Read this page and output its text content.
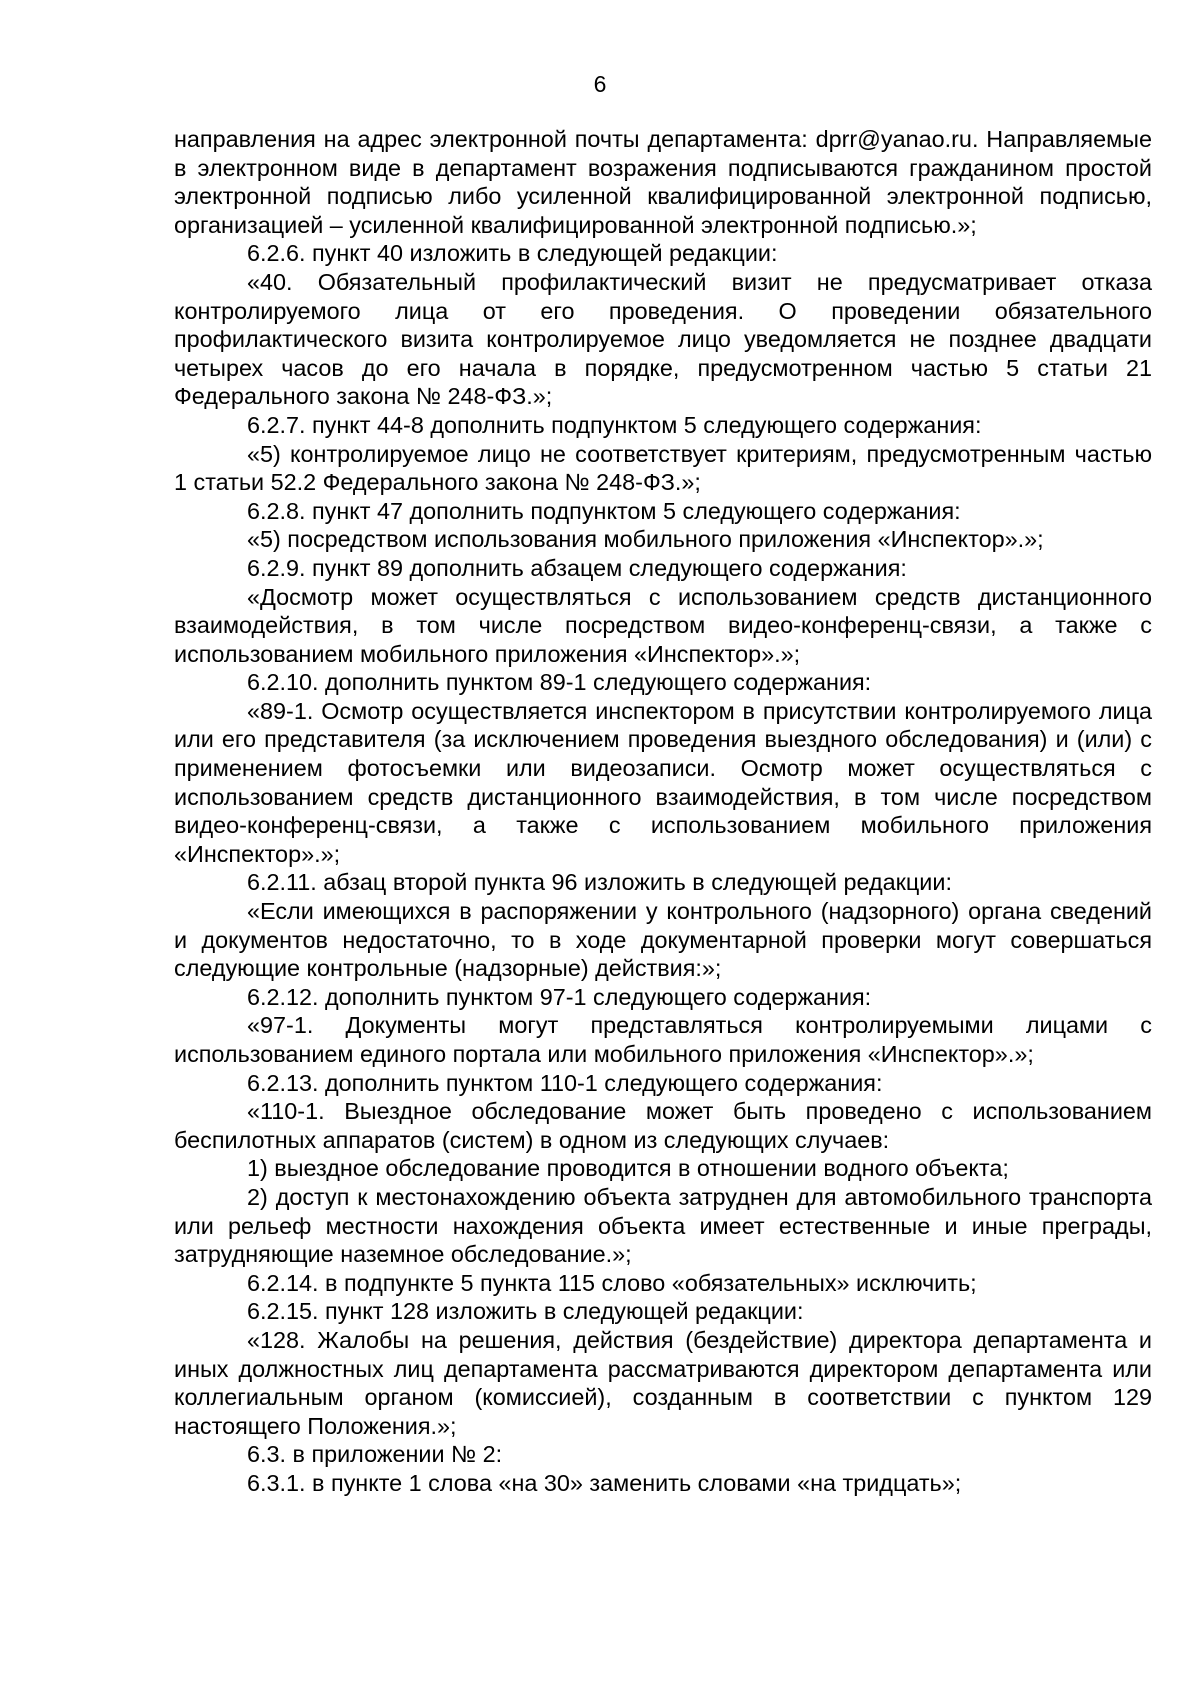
6

направления на адрес электронной почты департамента: dprr@yanao.ru. Направляемые в электронном виде в департамент возражения подписываются гражданином простой электронной подписью либо усиленной квалифицированной электронной подписью, организацией – усиленной квалифицированной электронной подписью.»;

6.2.6. пункт 40 изложить в следующей редакции:

«40. Обязательный профилактический визит не предусматривает отказа контролируемого лица от его проведения. О проведении обязательного профилактического визита контролируемое лицо уведомляется не позднее двадцати четырех часов до его начала в порядке, предусмотренном частью 5 статьи 21 Федерального закона № 248-ФЗ.»;

6.2.7. пункт 44-8 дополнить подпунктом 5 следующего содержания:

«5) контролируемое лицо не соответствует критериям, предусмотренным частью 1 статьи 52.2 Федерального закона № 248-ФЗ.»;

6.2.8. пункт 47 дополнить подпунктом 5 следующего содержания:

«5) посредством использования мобильного приложения «Инспектор».»;

6.2.9. пункт 89 дополнить абзацем следующего содержания:

«Досмотр может осуществляться с использованием средств дистанционного взаимодействия, в том числе посредством видео-конференц-связи, а также с использованием мобильного приложения «Инспектор».»;

6.2.10. дополнить пунктом 89-1 следующего содержания:

«89-1. Осмотр осуществляется инспектором в присутствии контролируемого лица или его представителя (за исключением проведения выездного обследования) и (или) с применением фотосъемки или видеозаписи. Осмотр может осуществляться с использованием средств дистанционного взаимодействия, в том числе посредством видео-конференц-связи, а также с использованием мобильного приложения «Инспектор».»;

6.2.11. абзац второй пункта 96 изложить в следующей редакции:

«Если имеющихся в распоряжении у контрольного (надзорного) органа сведений и документов недостаточно, то в ходе документарной проверки могут совершаться следующие контрольные (надзорные) действия:»;

6.2.12. дополнить пунктом 97-1 следующего содержания:

«97-1. Документы могут представляться контролируемыми лицами с использованием единого портала или мобильного приложения «Инспектор».»;

6.2.13. дополнить пунктом 110-1 следующего содержания:

«110-1. Выездное обследование может быть проведено с использованием беспилотных аппаратов (систем) в одном из следующих случаев:

1) выездное обследование проводится в отношении водного объекта;

2) доступ к местонахождению объекта затруднен для автомобильного транспорта или рельеф местности нахождения объекта имеет естественные и иные преграды, затрудняющие наземное обследование.»;

6.2.14. в подпункте 5 пункта 115 слово «обязательных» исключить;

6.2.15. пункт 128 изложить в следующей редакции:

«128. Жалобы на решения, действия (бездействие) директора департамента и иных должностных лиц департамента рассматриваются директором департамента или коллегиальным органом (комиссией), созданным в соответствии с пунктом 129 настоящего Положения.»;

6.3. в приложении № 2:

6.3.1. в пункте 1 слова «на 30» заменить словами «на тридцать»;
